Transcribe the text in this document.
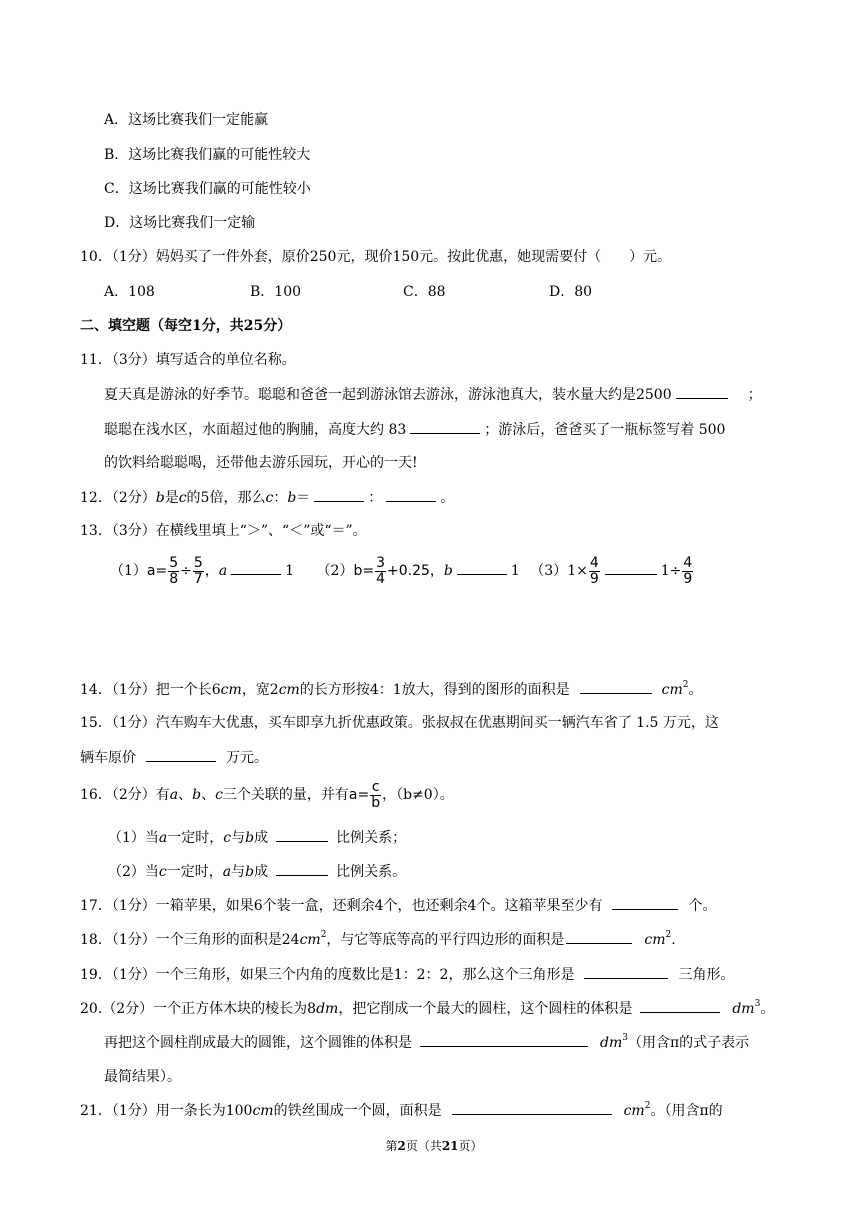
A．这场比赛我们一定能赢
B．这场比赛我们赢的可能性较大
C．这场比赛我们赢的可能性较小
D．这场比赛我们一定输
10．（1分）妈妈买了一件外套，原价250元，现价150元。按此优惠，她现需要付（　　）元。
A．108	B．100	C．88	D．80
二、填空题（每空1分，共25分）
11．（3分）填写适合的单位名称。
夏天真是游泳的好季节。聪聪和爸爸一起到游泳馆去游泳，游泳池真大，装水量大约是2500	；
聪聪在浅水区，水面超过他的胸脯，高度大约 83	；游泳后，爸爸买了一瓶标签写着 500
的饮料给聪聪喝，还带他去游乐园玩，开心的一天!
12．（2分）b是c的5倍，那么c：b＝	：	。
13．（3分）在横线里填上“＞”、“＜”或“＝”。
$(1)a= \frac{5}{8} \div \frac{5}{7}$ ，a	1 $(2)b= \frac{3}{4} +0.25$，b	1 $(3)1\times \frac{4}{9}$	$1\div \frac{4}{9}$
14．（1分）把一个长6cm，宽2cm的长方形按4：1放大，得到的图形的面积是	$cm^2$。
15．（1分）汽车购车大优惠，买车即享九折优惠政策。张叔叔在优惠期间买一辆汽车省了 1.5 万元，这
辆车原价	万元。
16．（2分）有a、b、c三个关联的量，并有$a= \frac{c}{b}$ ，（b≠0）。
（1）当a一定时，c与b成	比例关系；
（2）当c一定时，a与b成	比例关系。
17．（1分）一箱苹果，如果6个装一盒，还剩余4个，也还剩余4个。这箱苹果至少有	个。
18．（1分）一个三角形的面积是$24cm^2$，与它等底等高的平行四边形的面积是	$cm^2$.
19．（1分）一个三角形，如果三个内角的度数比是1：2：2，那么这个三角形是	三角形。
20.（2分）一个正方体木块的棱长为8dm，把它削成一个最大的圆柱，这个圆柱的体积是	$dm^3$。
再把这个圆柱削成最大的圆锥，这个圆锥的体积是	$dm^3$（用含π的式子表示
最简结果）。
21．（1分）用一条长为100cm的铁丝围成一个圆，面积是	$cm^2$。（用含π的
第2页（共21页）
